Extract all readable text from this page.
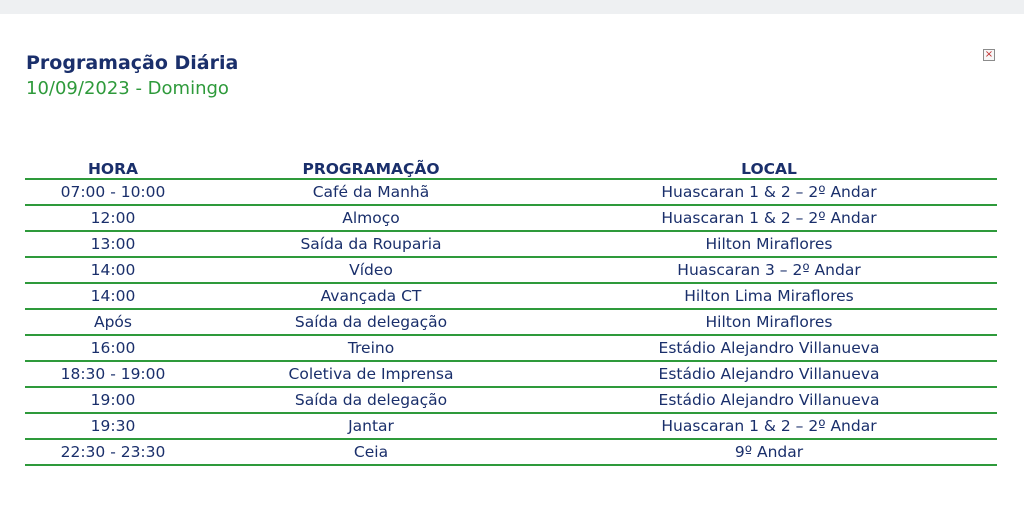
Programação Diária
10/09/2023 - Domingo
×
HORA	PROGRAMAÇÃO	LOCAL
07:00 - 10:00	Café da Manhã	Huascaran 1 & 2 – 2º Andar
12:00	Almoço	Huascaran 1 & 2 – 2º Andar
13:00	Saída da Rouparia	Hilton Miraflores
14:00	Vídeo	Huascaran 3 – 2º Andar
14:00	Avançada CT	Hilton Lima Miraflores
Após	Saída da delegação	Hilton Miraflores
16:00	Treino	Estádio Alejandro Villanueva
18:30 - 19:00	Coletiva de Imprensa	Estádio Alejandro Villanueva
19:00	Saída da delegação	Estádio Alejandro Villanueva
19:30	Jantar	Huascaran 1 & 2 – 2º Andar
22:30 - 23:30	Ceia	9º Andar
